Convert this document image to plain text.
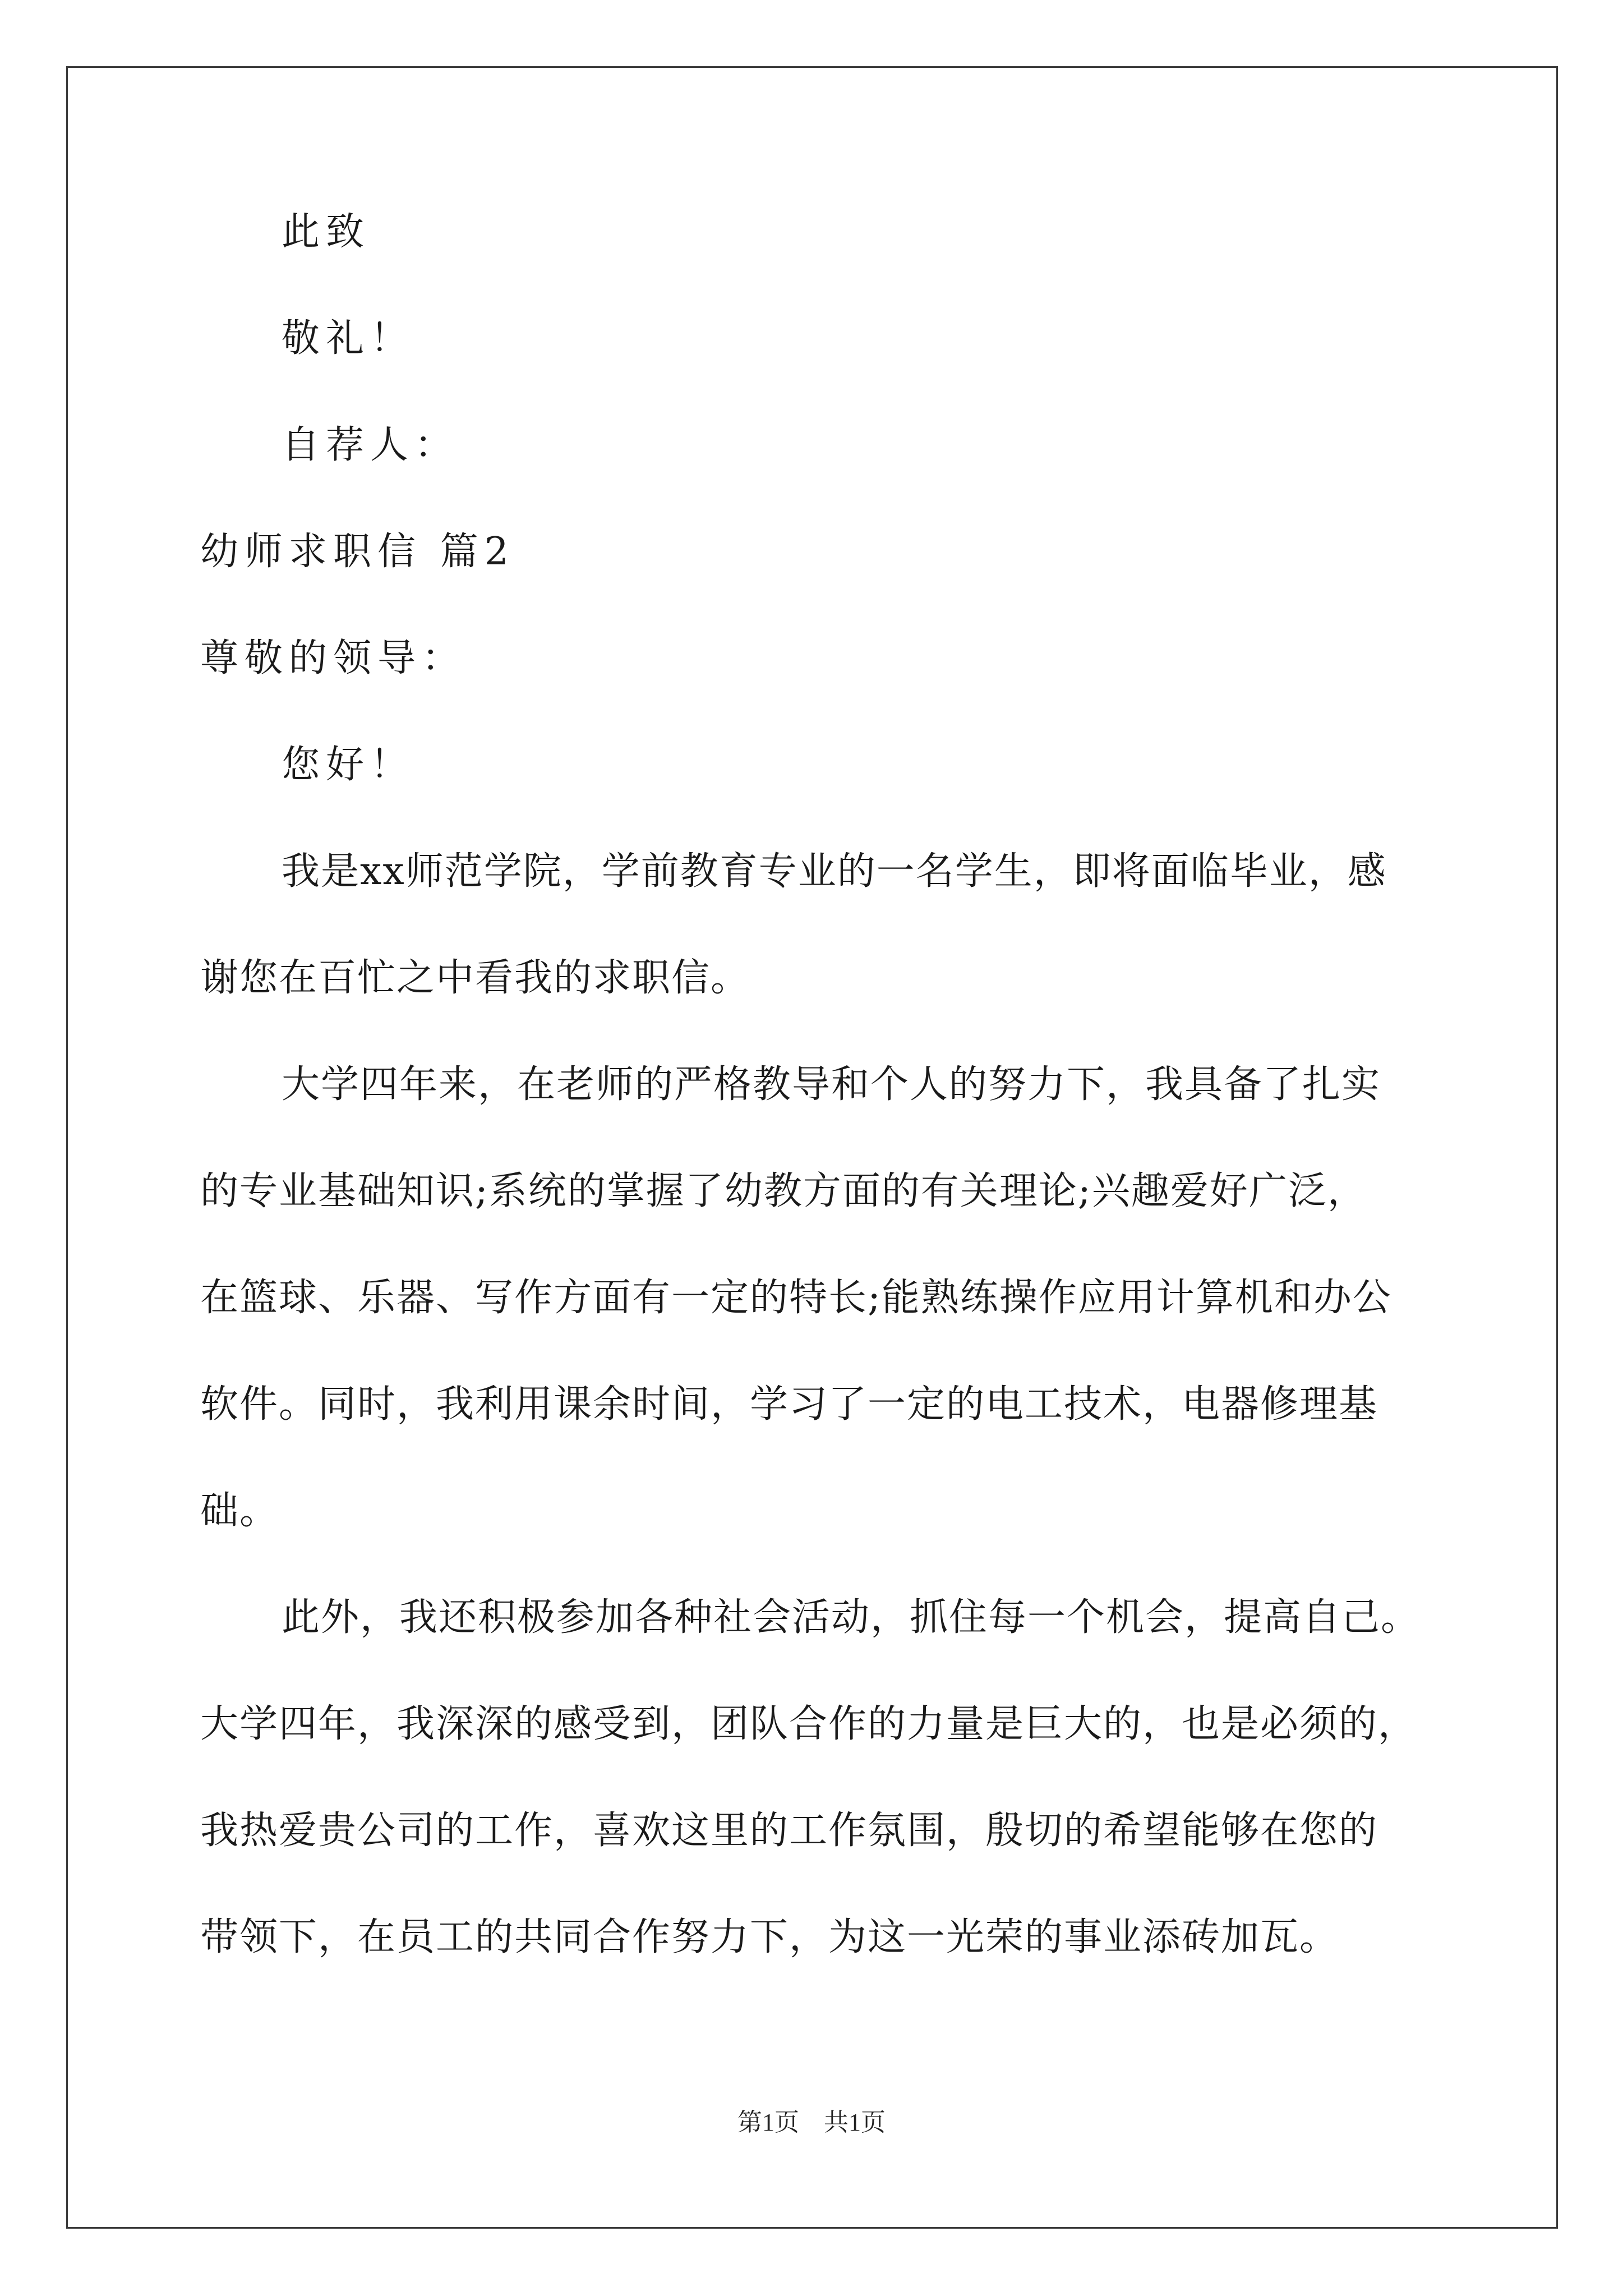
此致

敬礼！

自荐人：

幼师求职信 篇2

尊敬的领导：

您好！

我是xx师范学院，学前教育专业的一名学生，即将面临毕业，感

谢您在百忙之中看我的求职信。

大学四年来，在老师的严格教导和个人的努力下，我具备了扎实

的专业基础知识;系统的掌握了幼教方面的有关理论;兴趣爱好广泛，

在篮球、乐器、写作方面有一定的特长;能熟练操作应用计算机和办公

软件。同时，我利用课余时间，学习了一定的电工技术，电器修理基

础。

此外，我还积极参加各种社会活动，抓住每一个机会，提高自己。

大学四年，我深深的感受到，团队合作的力量是巨大的，也是必须的，

我热爱贵公司的工作，喜欢这里的工作氛围，殷切的希望能够在您的

带领下，在员工的共同合作努力下，为这一光荣的事业添砖加瓦。

第1页　共1页
